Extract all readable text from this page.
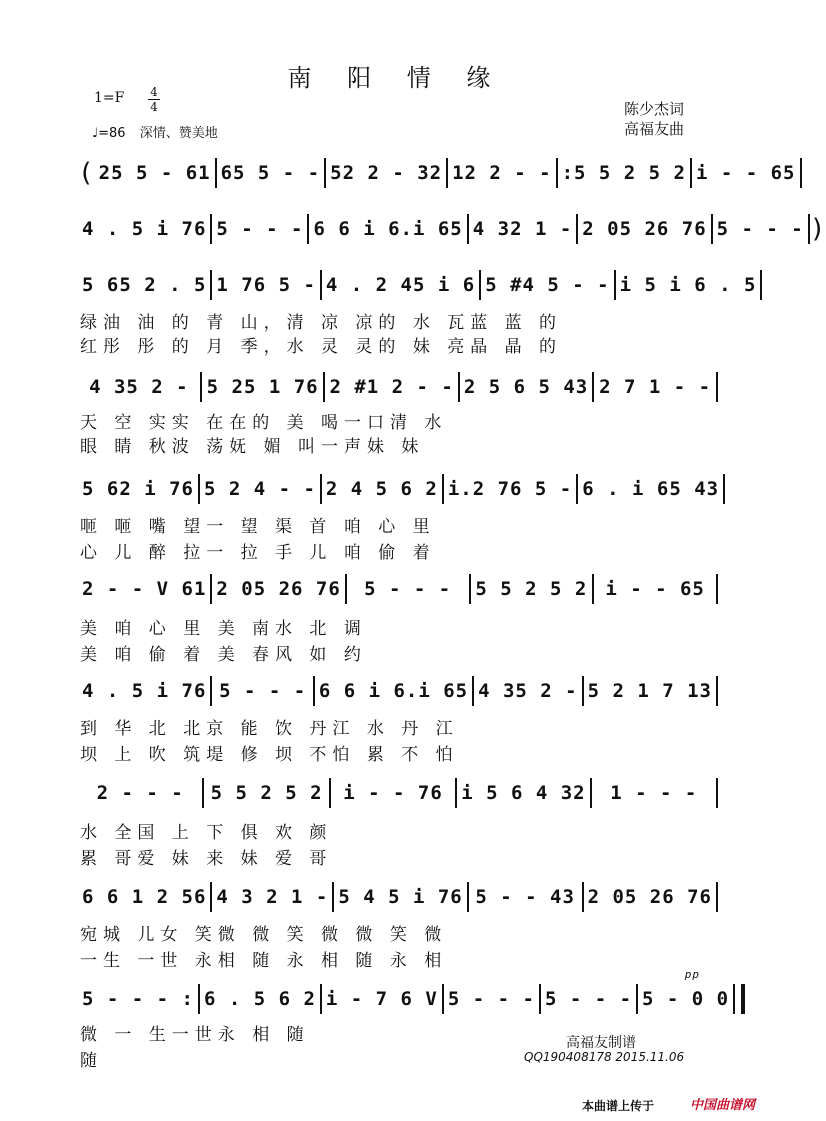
南 阳 情 缘
1=F 4
4
♩=86 深情、赞美地
陈少杰词
高福友曲
( 25 5 - 61 65 5 - - 52 2 - 32 12 2 - - :5 5 2 5 2 i - - 65
4 . 5 i 76 5 - - - 6 6 i 6.i 65 4 32 1 - 2 05 26 76 5 - - - )
5 65 2 . 5 1 76 5 - 4 . 2 45 i 6 5 #4 5 - - i 5 i 6 . 5
4 35 2 - 5 25 1 76 2 #1 2 - - 2 5 6 5 43 2 7 1 - -
5 62 i 76 5 2 4 - - 2 4 5 6 2 i.2 76 5 - 6 . i 65 43
2 - - V 61 2 05 26 76	5 - - -	5 5 2 5 2 i - - 65
4 . 5 i 76 5 - - - 6 6 i 6.i 65 4 35 2 - 5 2 1 7 13
2 - - -	5 5 2 5 2	i - - 76 i 5 6 4 32	1 - - -
6 6 1 2 56 4 3 2 1 - 5 4 5 i 76 5 - - 43 2 05 26 76
5 - - - : 6 . 5 6 2 i - 7 6 V 5 - - - 5 - - - 5 - 0 0
pp
绿油 油 的 青 山，清 凉 凉的 水 瓦蓝 蓝 的
红彤 彤 的 月 季，水 灵 灵的 妹 亮晶 晶 的
天 空 实实 在在的 美 喝一口清 水
眼 睛 秋波 荡妩 媚 叫一声妹 妹
咂 咂 嘴 望一 望 渠 首 咱 心 里
心 儿 醉 拉一 拉 手 儿 咱 偷 着
美 咱 心 里 美 南水 北 调
美 咱 偷 着 美 春风 如 约
到 华 北 北京 能 饮 丹江 水 丹 江
坝 上 吹 筑堤 修 坝 不怕 累 不 怕
水 全国 上 下 俱 欢 颜
累 哥爱 妹 来 妹 爱 哥
宛城 儿女 笑微 微 笑 微 微 笑 微
一生 一世 永相 随 永 相 随 永 相
微 一 生一世永 相 随
随
高福友制谱
QQ190408178 2015.11.06
本曲谱上传于	中国曲谱网
